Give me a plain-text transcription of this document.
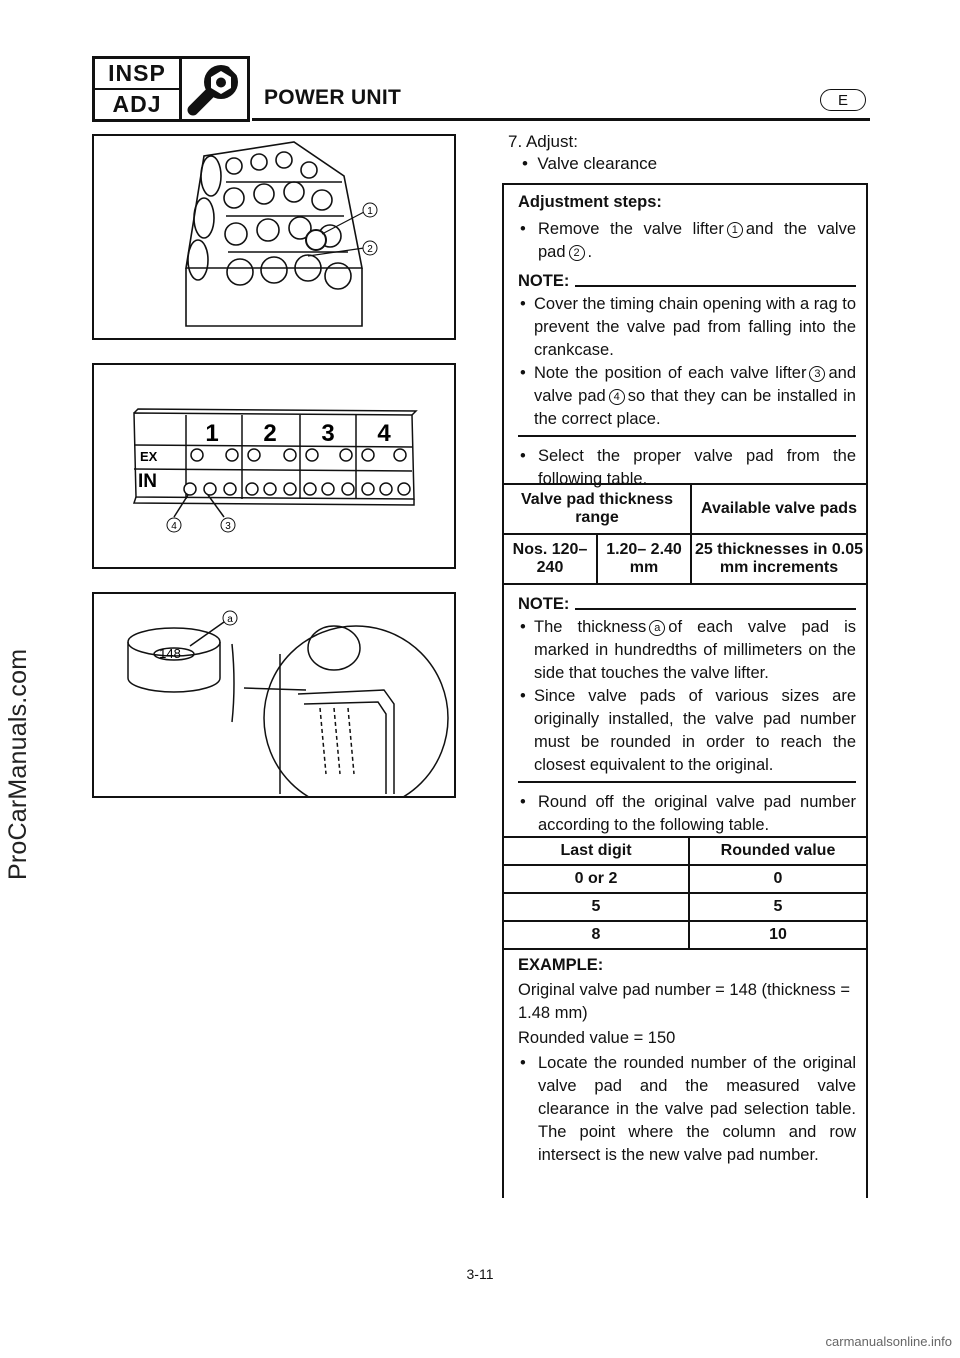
INSP
ADJ	POWER UNIT	E
ProCarManuals.com
1
2
1 2 3 4
EX
IN
4	3
148
a
7. Adjust:
•  Valve clearance
Adjustment steps:
• Remove the valve lifter 1 and the valve pad 2 .
NOTE:
• Cover the timing chain opening with a rag to prevent the valve pad from falling into the crankcase.
• Note the position of each valve lifter 3 and valve pad 4 so that they can be installed in the correct place.
• Select the proper valve pad from the following table.
Valve pad thickness range		Available valve pads
Nos. 120–240	1.20– 2.40 mm	25 thicknesses in 0.05 mm increments
NOTE:
• The thickness a of each valve pad is marked in hundredths of millimeters on the side that touches the valve lifter.
• Since valve pads of various sizes are originally installed, the valve pad number must be rounded in order to reach the closest equivalent to the original.
• Round off the original valve pad number according to the following table.
Last digit	Rounded value
0 or 2	0
5	5
8	10
EXAMPLE:
Original valve pad number = 148 (thickness = 1.48 mm)
Rounded value = 150
• Locate the rounded number of the original valve pad and the measured valve clearance in the valve pad selection table. The point where the column and row intersect is the new valve pad number.
3-11
carmanualsonline.info
